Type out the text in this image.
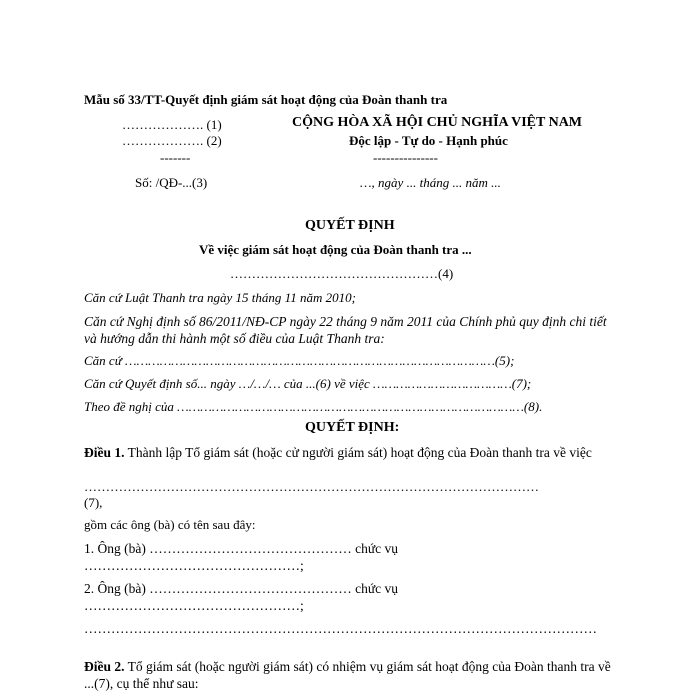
Mẫu số 33/TT-Quyết định giám sát hoạt động của Đoàn thanh tra
………………. (1)
………………. (2)
-------
CỘNG HÒA XÃ HỘI CHỦ NGHĨA VIỆT NAM
Độc lập - Tự do - Hạnh phúc
---------------
Số: /QĐ-...(3)	…, ngày ... tháng ... năm ...
QUYẾT ĐỊNH
Về việc giám sát hoạt động của Đoàn thanh tra ...
…………………………………………(4)
Căn cứ Luật Thanh tra ngày 15 tháng 11 năm 2010;
Căn cứ Nghị định số 86/2011/NĐ-CP ngày 22 tháng 9 năm 2011 của Chính phủ quy định chi tiết và hướng dẫn thi hành một số điều của Luật Thanh tra:
Căn cứ ……………………………………………………………………………………(5);
Căn cứ Quyết định số... ngày …/…/… của ...(6) về việc ………………………………(7);
Theo đề nghị của ………………………………………………………………………………(8).
QUYẾT ĐỊNH:
Điều 1. Thành lập Tổ giám sát (hoặc cử người giám sát) hoạt động của Đoàn thanh tra về việc
……………………………………………………………………………………………
(7),
gồm các ông (bà) có tên sau đây:
1. Ông (bà) ……………………………………… chức vụ …………………………………………;
2. Ông (bà) ……………………………………… chức vụ …………………………………………;
……………………………………………………………………………………………………
Điều 2. Tổ giám sát (hoặc người giám sát) có nhiệm vụ giám sát hoạt động của Đoàn thanh tra về ...(7), cụ thể như sau:
